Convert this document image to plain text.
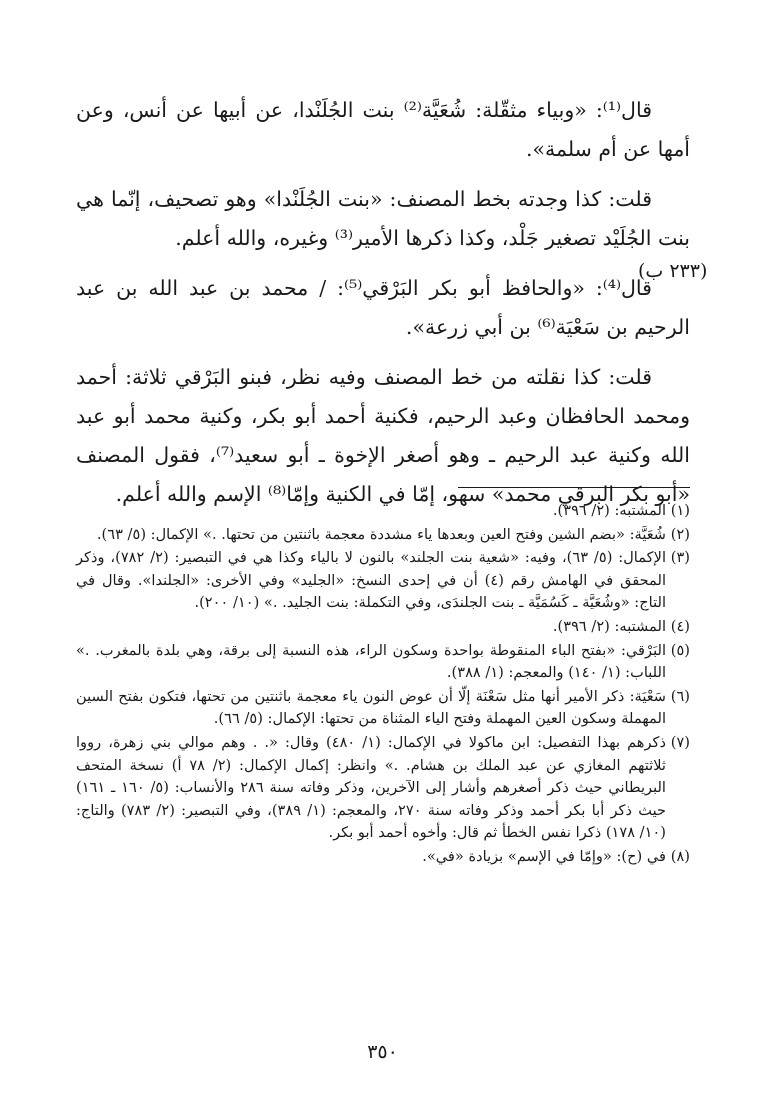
قال⁽¹⁾: «وبياء مثقّلة: شُعَيَّة⁽²⁾ بنت الجُلَنْدا، عن أبيها عن أنس، وعن أمها عن أم سلمة».

قلت: كذا وجدته بخط المصنف: «بنت الجُلَنْدا» وهو تصحيف، إنّما هي بنت الجُلَيْد تصغير جَلْد، وكذا ذكرها الأمير⁽³⁾ وغيره، والله أعلم.

قال⁽⁴⁾: «والحافظ أبو بكر البَرْقي⁽⁵⁾: / محمد بن عبد الله بن عبد الرحيم بن سَعْيَة⁽⁶⁾ بن أبي زرعة».

قلت: كذا نقلته من خط المصنف وفيه نظر، فبنو البَرْقي ثلاثة: أحمد ومحمد الحافظان وعبد الرحيم، فكنية أحمد أبو بكر، وكنية محمد أبو عبد الله وكنية عبد الرحيم ـ وهو أصغر الإخوة ـ أبو سعيد⁽⁷⁾، فقول المصنف «أبو بكر البرقي محمد» سهو، إمّا في الكنية وإمّا⁽⁸⁾ الإسم والله أعلم.

(٢٣٣ ب)
(١)
المشتبه: (٢/ ٣٩٦).
(٢)
شُعَيَّة: «بضم الشين وفتح العين وبعدها ياء مشددة معجمة باثنتين من تحتها. .» الإكمال: (٥/ ٦٣).
(٣)
الإكمال: (٥/ ٦٣)، وفيه: «شعية بنت الجلند» بالنون لا بالياء وكذا هي في التبصير: (٢/ ٧٨٢)، وذكر المحقق في الهامش رقم (٤) أن في إحدى النسخ: «الجليد» وفي الأخرى: «الجلندا». وقال في التاج: «وشُعَيَّة ـ كَسُمَيَّة ـ بنت الجلندَى، وفي التكملة: بنت الجليد. .» (١٠/ ٢٠٠).
(٤)
المشتبه: (٢/ ٣٩٦).
(٥)
البَرْقي: «بفتح الباء المنقوطة بواحدة وسكون الراء، هذه النسبة إلى برقة، وهي بلدة بالمغرب. .» اللباب: (١/ ١٤٠) والمعجم: (١/ ٣٨٨).
(٦)
سَعْيَة: ذكر الأمير أنها مثل سَعْنَة إلّا أن عوض النون ياء معجمة باثنتين من تحتها، فتكون بفتح السين المهملة وسكون العين المهملة وفتح الياء المثناة من تحتها: الإكمال: (٥/ ٦٦).
(٧)
ذكرهم بهذا التفصيل: ابن ماكولا في الإكمال: (١/ ٤٨٠) وقال: «. . وهم موالي بني زهرة، رووا ثلاثتهم المغازي عن عبد الملك بن هشام. .» وانظر: إكمال الإكمال: (٢/ ٧٨ أ) نسخة المتحف البريطاني حيث ذكر أصغرهم وأشار إلى الآخرين، وذكر وفاته سنة ٢٨٦ والأنساب: (٥/ ١٦٠ ـ ١٦١) حيث ذكر أبا بكر أحمد وذكر وفاته سنة ٢٧٠، والمعجم: (١/ ٣٨٩)، وفي التبصير: (٢/ ٧٨٣) والتاج: (١٠/ ١٧٨) ذكرا نفس الخطأ ثم قال: وأخوه أحمد أبو بكر.
(٨)
في (ح): «وإمّا في الإسم» بزيادة «في».
٣٥٠
